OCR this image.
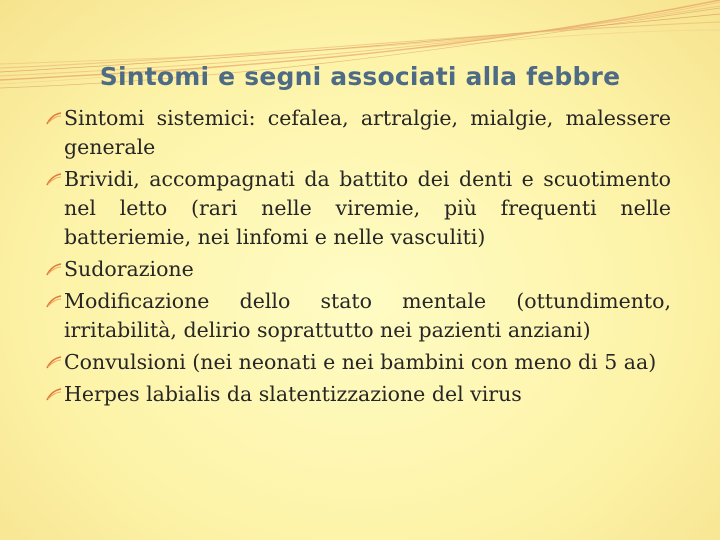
Sintomi e segni associati alla febbre
Sintomi sistemici: cefalea, artralgie, mialgie, malessere generale
Brividi, accompagnati da battito dei denti e scuotimento nel letto (rari nelle viremie, più frequenti nelle batteriemie, nei linfomi e nelle vasculiti)
Sudorazione
Modificazione dello stato mentale (ottundimento, irritabilità, delirio soprattutto nei pazienti anziani)
Convulsioni (nei neonati e nei bambini con meno di 5 aa)
Herpes labialis da slatentizzazione del virus
